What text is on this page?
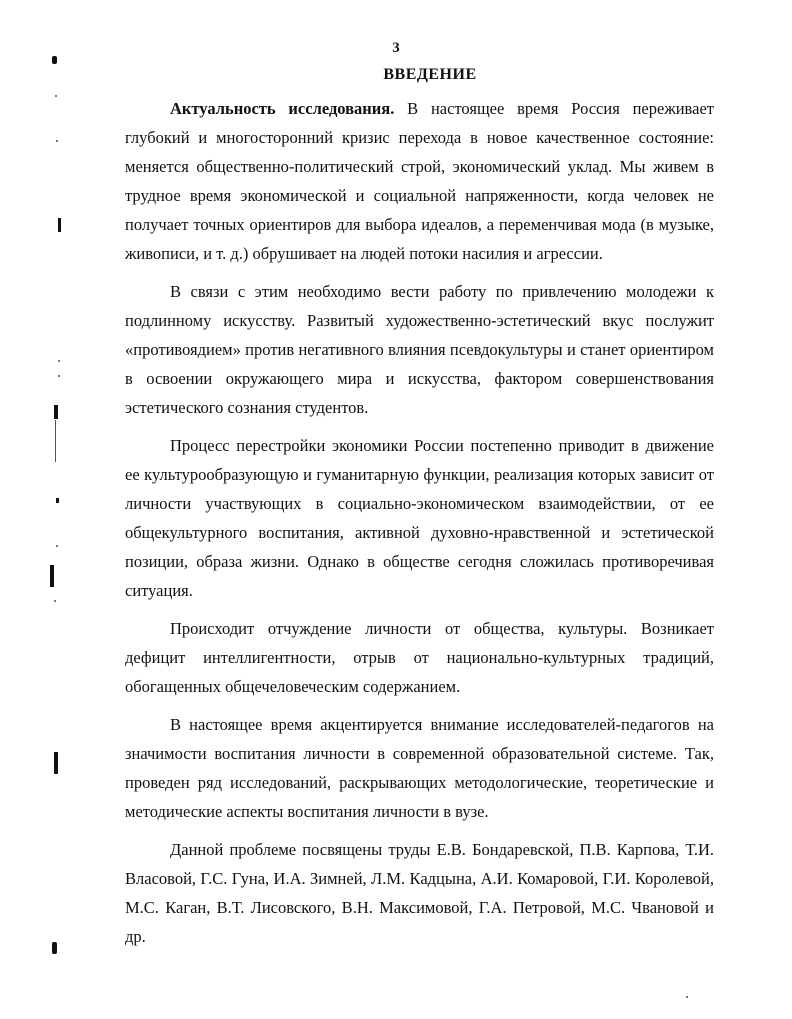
3
ВВЕДЕНИЕ

Актуальность исследования. В настоящее время Россия переживает глубокий и многосторонний кризис перехода в новое качественное состояние: меняется общественно-политический строй, экономический уклад. Мы живем в трудное время экономической и социальной напряженности, когда человек не получает точных ориентиров для выбора идеалов, а переменчивая мода (в музыке, живописи, и т. д.) обрушивает на людей потоки насилия и агрессии.

В связи с этим необходимо вести работу по привлечению молодежи к подлинному искусству. Развитый художественно-эстетический вкус послужит «противоядием» против негативного влияния псевдокультуры и станет ориентиром в освоении окружающего мира и искусства, фактором совершенствования эстетического сознания студентов.

Процесс перестройки экономики России постепенно приводит в движение ее культурообразующую и гуманитарную функции, реализация которых зависит от личности участвующих в социально-экономическом взаимодействии, от ее общекультурного воспитания, активной духовно-нравственной и эстетической позиции, образа жизни. Однако в обществе сегодня сложилась противоречивая ситуация.

Происходит отчуждение личности от общества, культуры. Возникает дефицит интеллигентности, отрыв от национально-культурных традиций, обогащенных общечеловеческим содержанием.

В настоящее время акцентируется внимание исследователей-педагогов на значимости воспитания личности в современной образовательной системе. Так, проведен ряд исследований, раскрывающих методологические, теоретические и методические аспекты воспитания личности в вузе.

Данной проблеме посвящены труды Е.В. Бондаревской, П.В. Карпова, Т.И. Власовой, Г.С. Гуна, И.А. Зимней, Л.М. Кадцына, А.И. Комаровой, Г.И. Королевой, М.С. Каган, В.Т. Лисовского, В.Н. Максимовой, Г.А. Петровой, М.С. Чвановой и др.
